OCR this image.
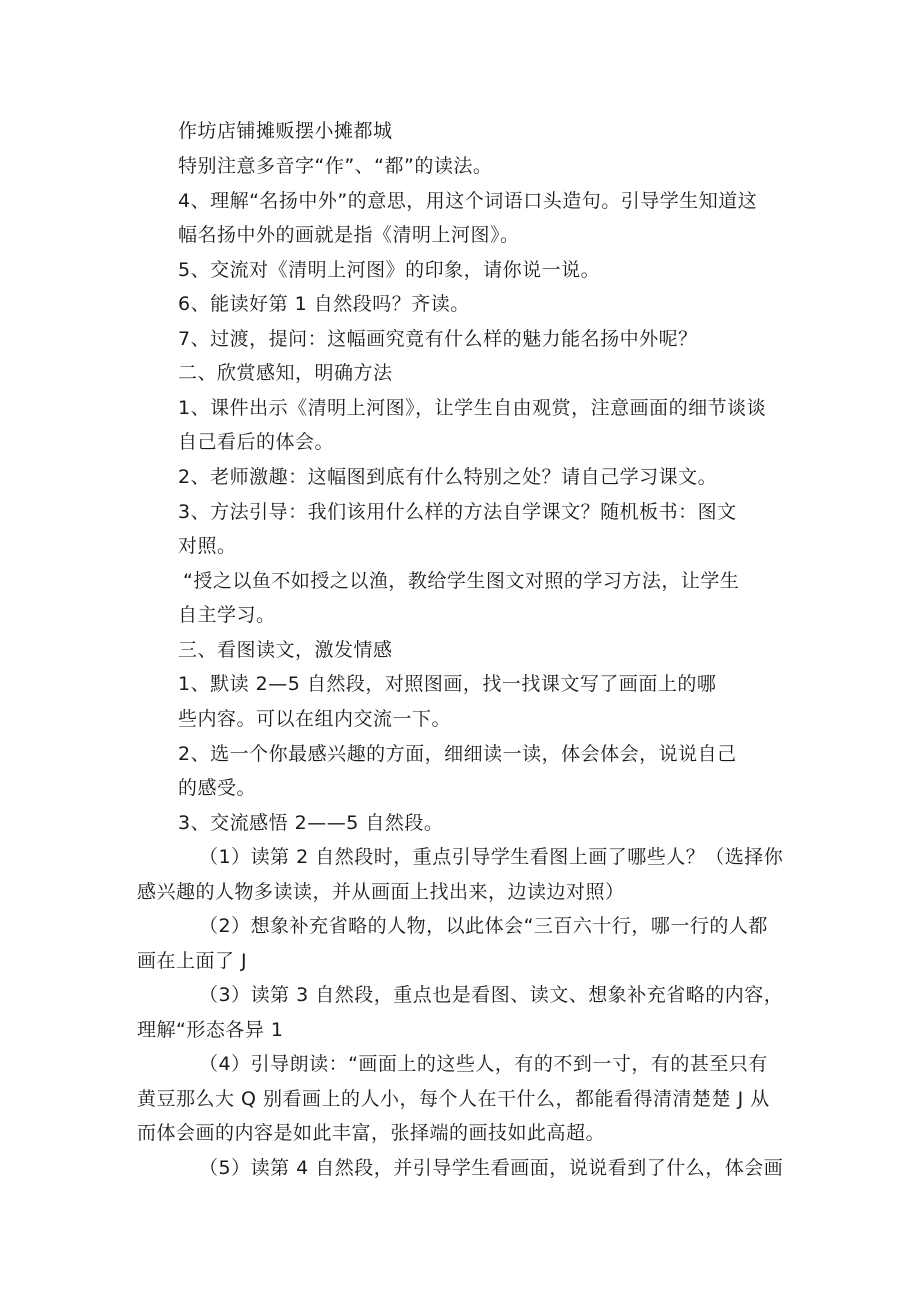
作坊店铺摊贩摆小摊都城
特别注意多音字“作”、“都”的读法。
4、理解“名扬中外”的意思，用这个词语口头造句。引导学生知道这
幅名扬中外的画就是指《清明上河图》。
5、交流对《清明上河图》的印象，请你说一说。
6、能读好第 1 自然段吗？齐读。
7、过渡，提问：这幅画究竟有什么样的魅力能名扬中外呢？
二、欣赏感知，明确方法
1、课件出示《清明上河图》，让学生自由观赏，注意画面的细节谈谈
自己看后的体会。
2、老师激趣：这幅图到底有什么特别之处？请自己学习课文。
3、方法引导：我们该用什么样的方法自学课文？随机板书：图文
对照。
“授之以鱼不如授之以渔，教给学生图文对照的学习方法，让学生
自主学习。
三、看图读文，激发情感
1、默读 2—5 自然段，对照图画，找一找课文写了画面上的哪
些内容。可以在组内交流一下。
2、选一个你最感兴趣的方面，细细读一读，体会体会，说说自己
的感受。
3、交流感悟 2——5 自然段。
（1）读第 2 自然段时，重点引导学生看图上画了哪些人？（选择你
感兴趣的人物多读读，并从画面上找出来，边读边对照）
（2）想象补充省略的人物，以此体会“三百六十行，哪一行的人都
画在上面了 J
（3）读第 3 自然段，重点也是看图、读文、想象补充省略的内容，
理解“形态各异 1
（4）引导朗读：“画面上的这些人，有的不到一寸，有的甚至只有
黄豆那么大 Q 别看画上的人小，每个人在干什么，都能看得清清楚楚 J 从
而体会画的内容是如此丰富，张择端的画技如此高超。
（5）读第 4 自然段，并引导学生看画面，说说看到了什么，体会画
